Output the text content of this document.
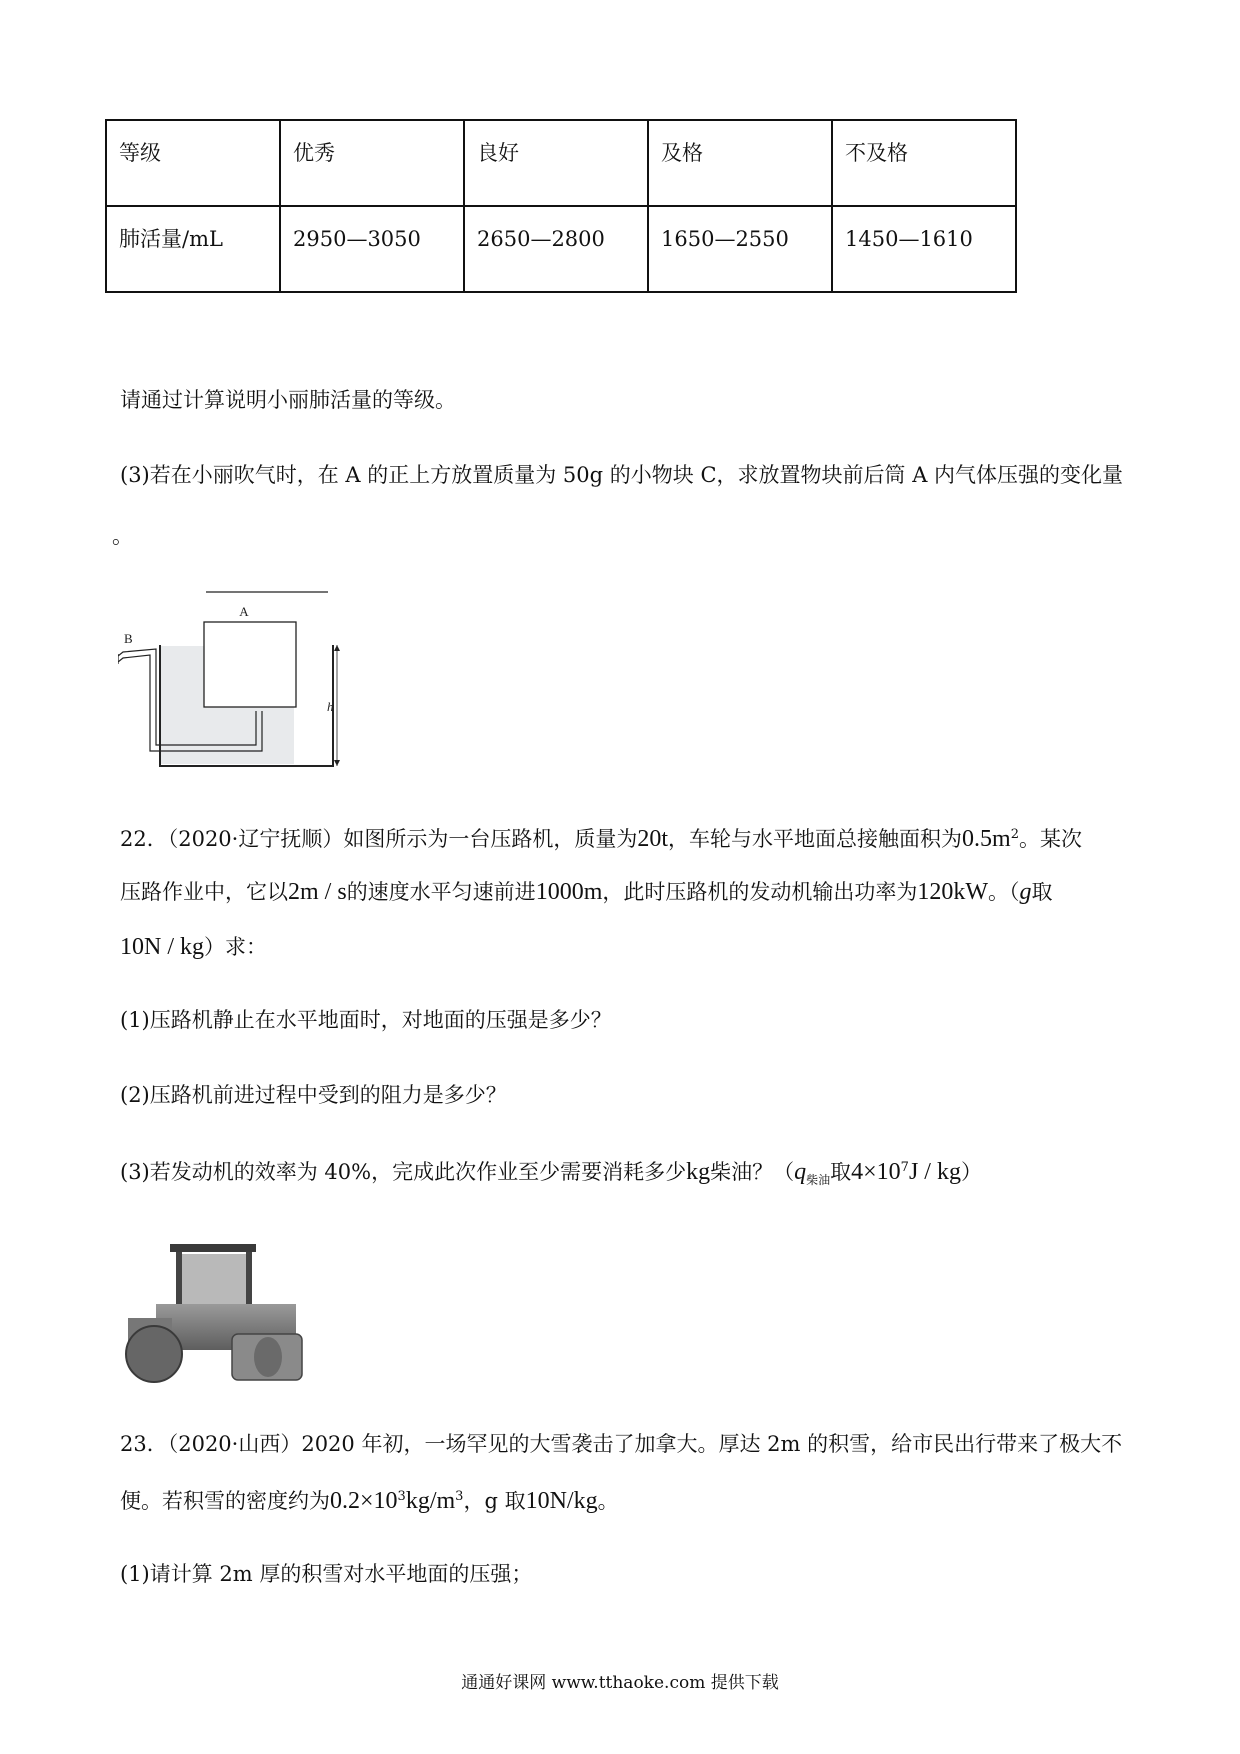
等级	优秀	良好	及格	不及格

肺活量/mL	2950—3050	2650—2800	1650—2550	1450—1610
请通过计算说明小丽肺活量的等级。
(3)若在小丽吹气时，在 A 的正上方放置质量为 50g 的小物块 C，求放置物块前后筒 A 内气体压强的变化量
。
A
B
h
22．（2020·辽宁抚顺）如图所示为一台压路机，质量为20t，车轮与水平地面总接触面积为$0.5m^2$。某次
压路作业中，它以2m / s的速度水平匀速前进1000m，此时压路机的发动机输出功率为120kW。（g取
10N / kg）求：
(1)压路机静止在水平地面时，对地面的压强是多少？
(2)压路机前进过程中受到的阻力是多少？
(3)若发动机的效率为 40%，完成此次作业至少需要消耗多少kg柴油？（$q_{柴油}$取$4\times 10^7J / kg$）
23．（2020·山西）2020 年初，一场罕见的大雪袭击了加拿大。厚达 2m 的积雪，给市民出行带来了极大不
便。若积雪的密度约为$0.2\times 10^3kg/m^3$，g 取10N/kg。
(1)请计算 2m 厚的积雪对水平地面的压强；
通通好课网 www.tthaoke.com 提供下载
